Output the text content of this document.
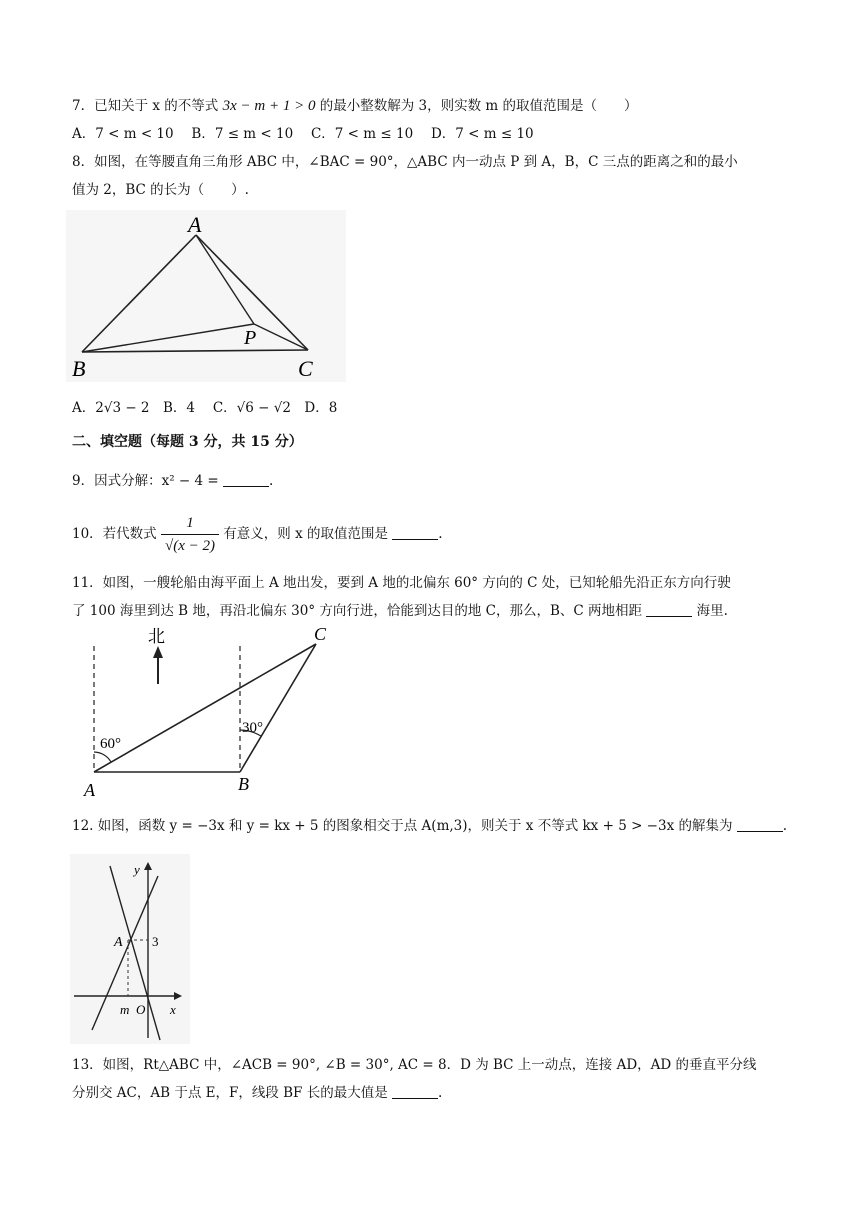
7．已知关于 x 的不等式 3x − m + 1 > 0 的最小整数解为 3，则实数 m 的取值范围是（　　）
A．7 < m < 10　 B．7 ≤ m < 10　 C．7 < m ≤ 10　 D．7 < m ≤ 10
8．如图，在等腰直角三角形 ABC 中，∠BAC = 90°，△ABC 内一动点 P 到 A，B，C 三点的距离之和的最小
值为 2，BC 的长为（　　）.
A
B	C
P
A．2√3 − 2　B．4　 C．√6 − √2　D．8
二、填空题（每题 3 分，共 15 分）
9．因式分解：x² − 4 =	.
10．若代数式 $\frac{1}{√(x - 2)}$ 有意义，则 x 的取值范围是	.
11．如图，一艘轮船由海平面上 A 地出发，要到 A 地的北偏东 60° 方向的 C 处，已知轮船先沿正东方向行驶
了 100 海里到达 B 地，再沿北偏东 30° 方向行进，恰能到达目的地 C，那么，B、C 两地相距	海里.
北
60°
30°
A	B
C
12. 如图，函数 y = −3x 和 y = kx + 5 的图象相交于点 A(m,3)，则关于 x 不等式 kx + 5 > −3x 的解集为	.
y
x
A 3
m O
13．如图，Rt△ABC 中，∠ACB = 90°, ∠B = 30°, AC = 8．D 为 BC 上一动点，连接 AD，AD 的垂直平分线
分别交 AC，AB 于点 E，F，线段 BF 长的最大值是	.
